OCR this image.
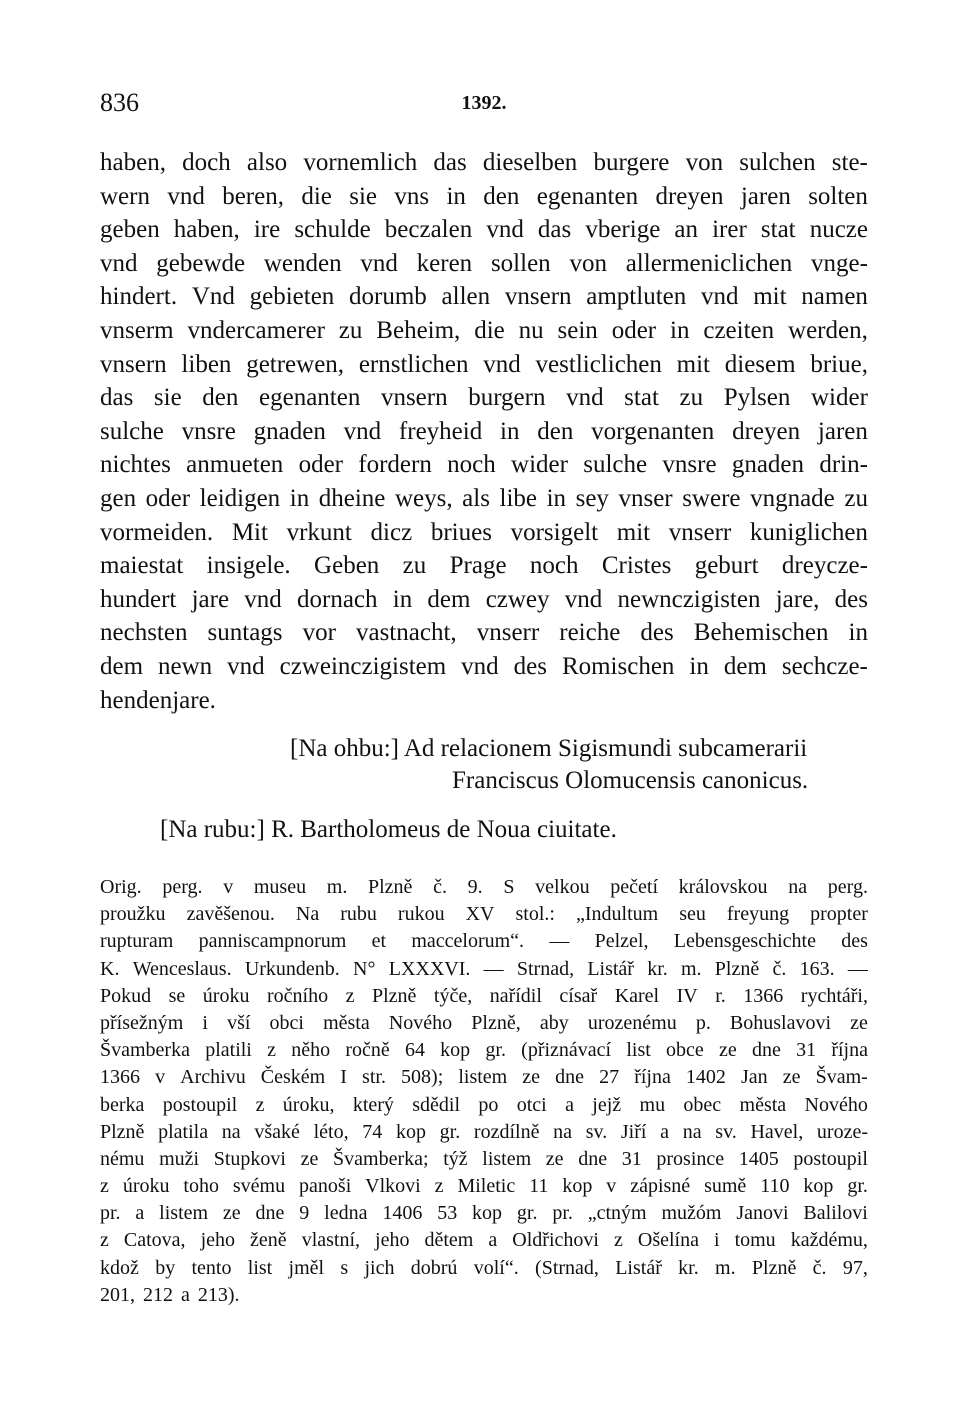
836	1392.
haben, doch also vornemlich das dieselben burgere von sulchen ste-
wern vnd beren, die sie vns in den egenanten dreyen jaren solten
geben haben, ire schulde beczalen vnd das vberige an irer stat nucze
vnd gebewde wenden vnd keren sollen von allermeniclichen vnge-
hindert. Vnd gebieten dorumb allen vnsern amptluten vnd mit namen
vnserm vndercamerer zu Beheim, die nu sein oder in czeiten werden,
vnsern liben getrewen, ernstlichen vnd vestliclichen mit diesem briue,
das sie den egenanten vnsern burgern vnd stat zu Pylsen wider
sulche vnsre gnaden vnd freyheid in den vorgenanten dreyen jaren
nichtes anmueten oder fordern noch wider sulche vnsre gnaden drin-
gen oder leidigen in dheine weys, als libe in sey vnser swere vngnade zu
vormeiden. Mit vrkunt dicz briues vorsigelt mit vnserr kuniglichen
maiestat insigele. Geben zu Prage noch Cristes geburt dreycze-
hundert jare vnd dornach in dem czwey vnd newnczigisten jare, des
nechsten suntags vor vastnacht, vnserr reiche des Behemischen in
dem newn vnd czweinczigistem vnd des Romischen in dem sechcze-
henden jare.
[Na ohbu:] Ad relacionem Sigismundi subcamerarii
Franciscus Olomucensis canonicus.
[Na rubu:] R. Bartholomeus de Noua ciuitate.
Orig. perg. v museu m. Plzně č. 9. S velkou pečetí královskou na perg.
proužku zavěšenou. Na rubu rukou XV stol.: „Indultum seu freyung propter
rupturam panniscampnorum et maccelorum“. — Pelzel, Lebensgeschichte des
K. Wenceslaus. Urkundenb. N° LXXXVI. — Strnad, Listář kr. m. Plzně č. 163. —
Pokud se úroku ročního z Plzně týče, nařídil císař Karel IV r. 1366 rychtáři,
přísežným i vší obci města Nového Plzně, aby urozenému p. Bohuslavovi ze
Švamberka platili z něho ročně 64 kop gr. (přiznávací list obce ze dne 31 října
1366 v Archivu Českém I str. 508); listem ze dne 27 října 1402 Jan ze Švam-
berka postoupil z úroku, který sdědil po otci a jejž mu obec města Nového
Plzně platila na všaké léto, 74 kop gr. rozdílně na sv. Jiří a na sv. Havel, uroze-
nému muži Stupkovi ze Švamberka; týž listem ze dne 31 prosince 1405 postoupil
z úroku toho svému panoši Vlkovi z Miletic 11 kop v zápisné sumě 110 kop gr.
pr. a listem ze dne 9 ledna 1406 53 kop gr. pr. „ctným mužóm Janovi Balilovi
z Catova, jeho ženě vlastní, jeho dětem a Oldřichovi z Ošelína i tomu každému,
kdož by tento list jměl s jich dobrú volí“. (Strnad, Listář kr. m. Plzně č. 97,
201, 212 a 213).
